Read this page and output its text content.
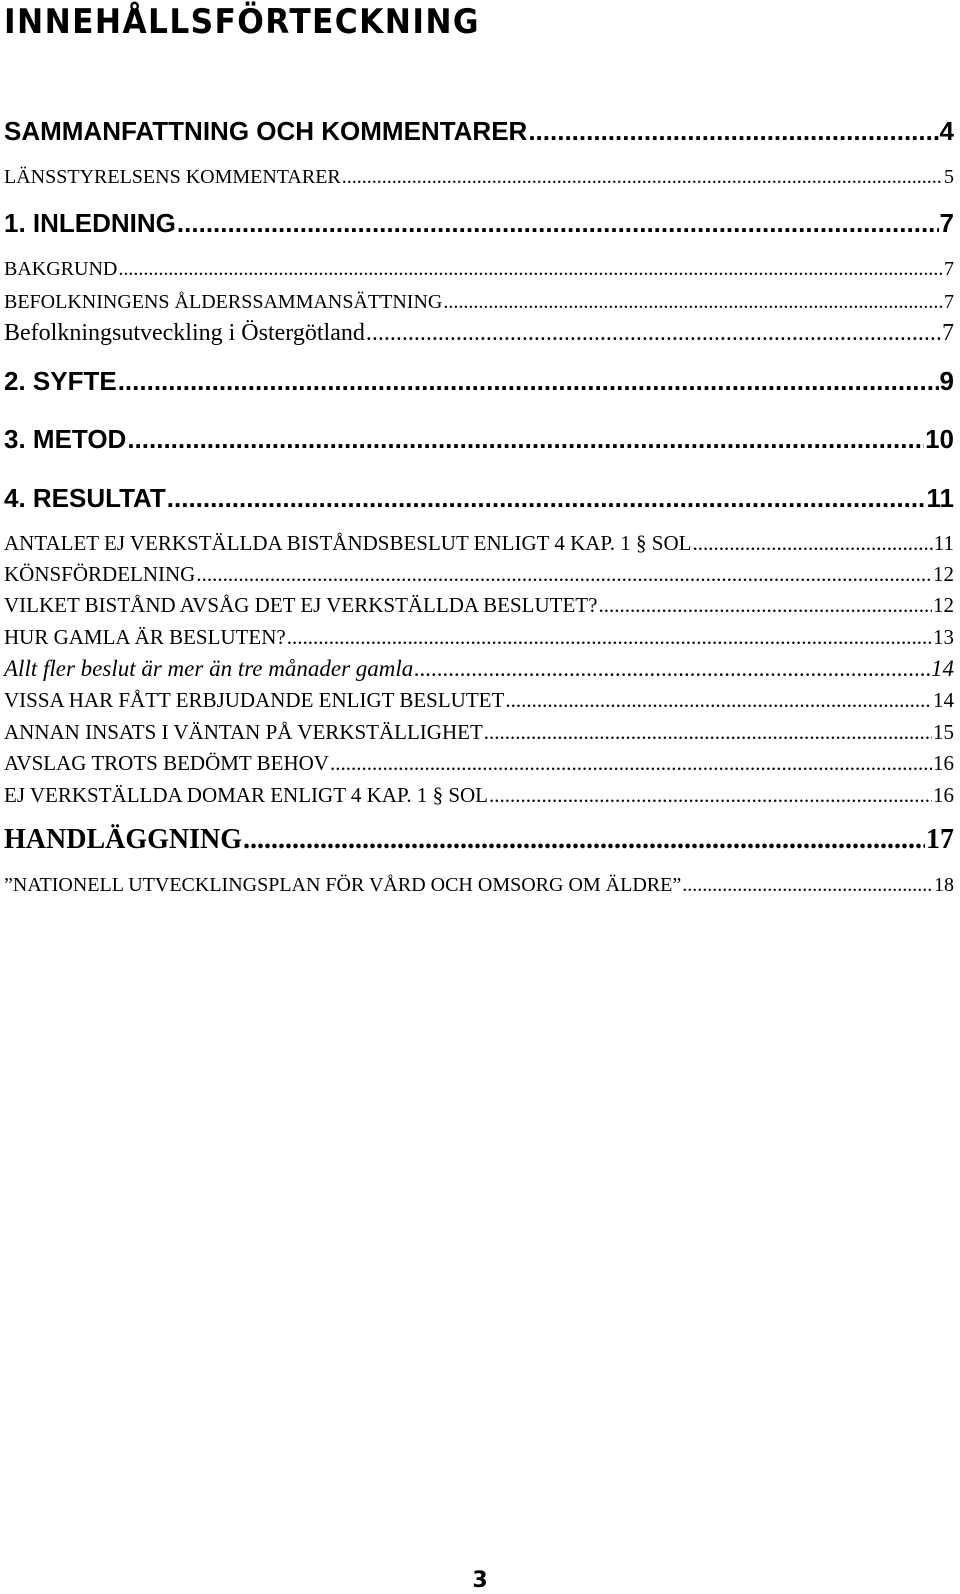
INNEHÅLLSFÖRTECKNING
SAMMANFATTNING OCH KOMMENTARER .....	4
LÄNSSTYRELSENS KOMMENTARER .....	5
1. INLEDNING .....	7
BAKGRUND .....	7
BEFOLKNINGENS ÅLDERSSAMMANSÄTTNING .....	7
Befolkningsutveckling i Östergötland .....	7
2. SYFTE .....	9
3. METOD .....	10
4. RESULTAT .....	11
ANTALET EJ VERKSTÄLLDA BISTÅNDSBESLUT ENLIGT 4 KAP. 1 § SOL .....	11
KÖNSFÖRDELNING .....	12
VILKET BISTÅND AVSÅG DET EJ VERKSTÄLLDA BESLUTET? .....	12
HUR GAMLA ÄR BESLUTEN? .....	13
Allt fler beslut är mer än tre månader gamla .....	14
VISSA HAR FÅTT ERBJUDANDE ENLIGT BESLUTET .....	14
ANNAN INSATS I VÄNTAN PÅ VERKSTÄLLIGHET .....	15
AVSLAG TROTS BEDÖMT BEHOV .....	16
EJ VERKSTÄLLDA DOMAR ENLIGT 4 KAP. 1 § SOL .....	16
HANDLÄGGNING .....	17
”NATIONELL UTVECKLINGSPLAN FÖR VÅRD OCH OMSORG OM ÄLDRE” .....	18
3
